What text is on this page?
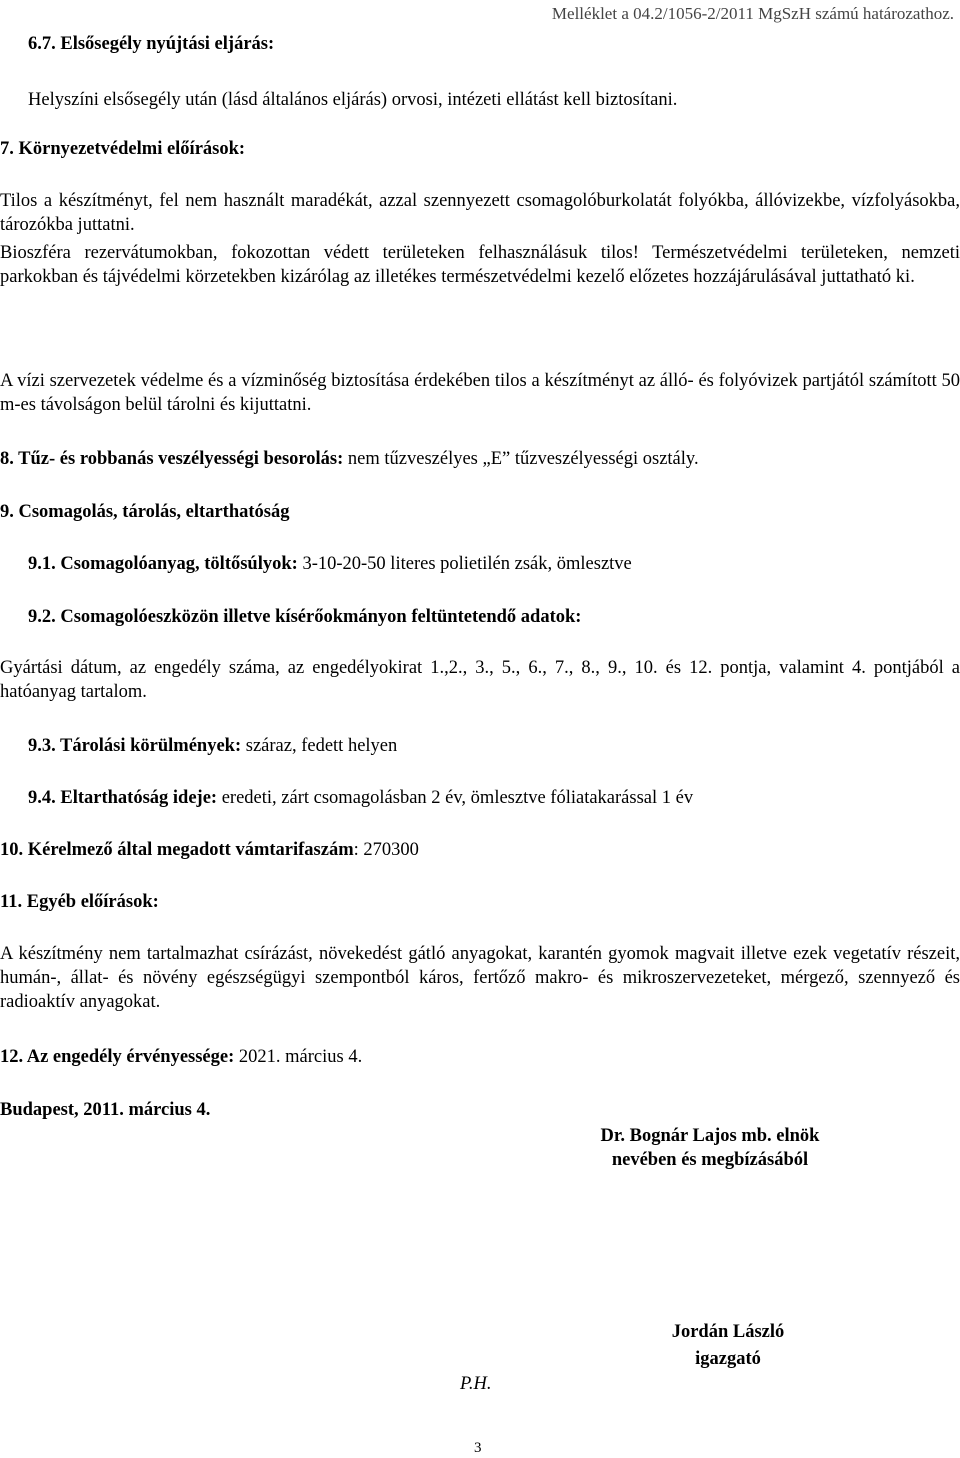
Melléklet a 04.2/1056-2/2011 MgSzH számú határozathoz.
6.7. Elsősegély nyújtási eljárás:
Helyszíni elsősegély után (lásd általános eljárás) orvosi, intézeti ellátást kell biztosítani.
7. Környezetvédelmi előírások:
Tilos a készítményt, fel nem használt maradékát, azzal szennyezett csomagolóburkolatát folyókba, állóvizekbe, vízfolyásokba, tározókba juttatni.
Bioszféra rezervátumokban, fokozottan védett területeken felhasználásuk tilos! Természetvédelmi területeken, nemzeti parkokban és tájvédelmi körzetekben kizárólag az illetékes természetvédelmi kezelő előzetes hozzájárulásával juttatható ki.
A vízi szervezetek védelme és a vízminőség biztosítása érdekében tilos a készítményt az álló- és folyóvizek partjától számított 50 m-es távolságon belül tárolni és kijuttatni.
8. Tűz- és robbanás veszélyességi besorolás: nem tűzveszélyes „E” tűzveszélyességi osztály.
9. Csomagolás, tárolás, eltarthatóság
9.1. Csomagolóanyag, töltősúlyok: 3-10-20-50 literes polietilén zsák, ömlesztve
9.2. Csomagolóeszközön illetve kísérőokmányon feltüntetendő adatok:
Gyártási dátum, az engedély száma, az engedélyokirat 1.,2., 3., 5., 6., 7., 8., 9., 10. és 12. pontja, valamint 4. pontjából a hatóanyag tartalom.
9.3. Tárolási körülmények: száraz, fedett helyen
9.4. Eltarthatóság ideje: eredeti, zárt csomagolásban 2 év, ömlesztve fóliatakarással 1 év
10. Kérelmező által megadott vámtarifaszám: 270300
11. Egyéb előírások:
A készítmény nem tartalmazhat csírázást, növekedést gátló anyagokat, karantén gyomok magvait illetve ezek vegetatív részeit, humán-, állat- és növény egészségügyi szempontból káros, fertőző makro- és mikroszervezeteket, mérgező, szennyező és radioaktív anyagokat.
12. Az engedély érvényessége: 2021. március 4.
Budapest, 2011. március 4.
Dr. Bognár Lajos mb. elnök
nevében és megbízásából
Jordán László
igazgató
P.H.
3
